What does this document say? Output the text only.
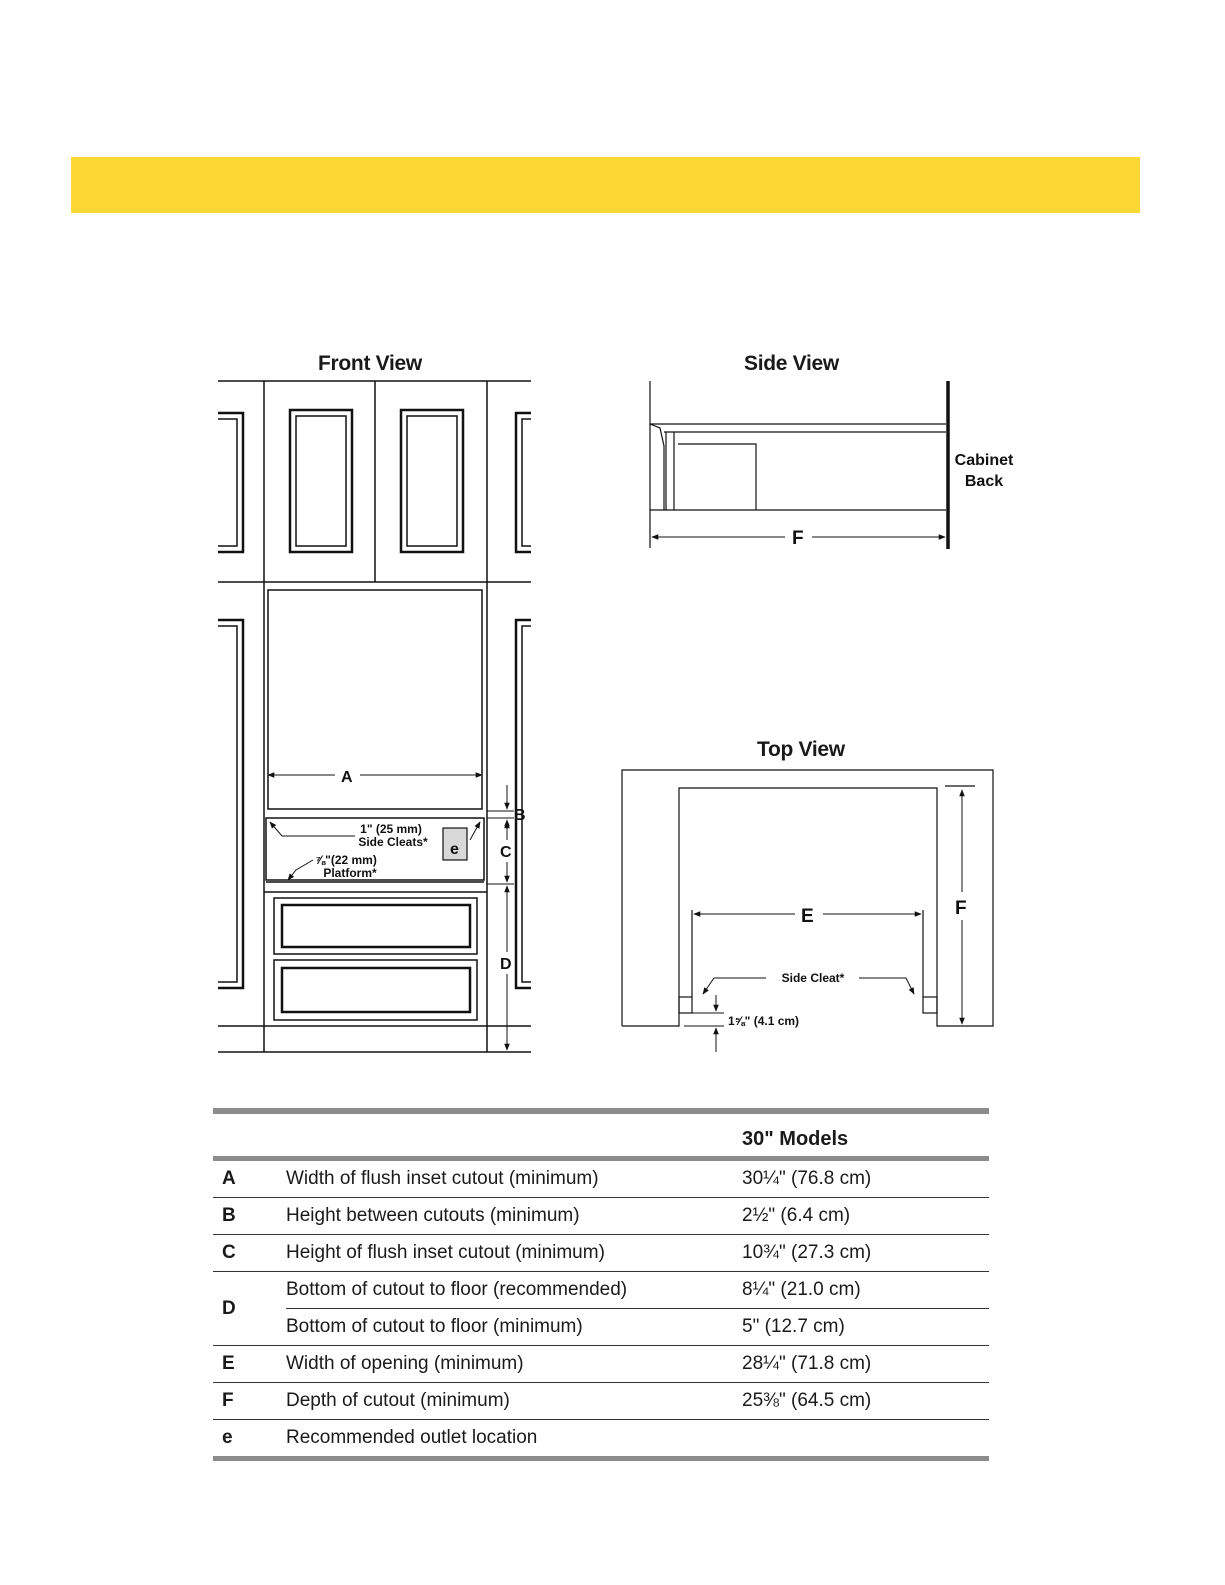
Front View	Side View
Top View
A
B
C
D
e
1" (25 mm)
Side Cleats*
⅞"(22 mm)
Platform*
F
Cabinet
Back
E	F
Side Cleat*
1⅝" (4.1 cm)

		30" Models
A	Width of flush inset cutout (minimum)	30¼" (76.8 cm)
B	Height between cutouts (minimum)	2½" (6.4 cm)
C	Height of flush inset cutout (minimum)	10¾" (27.3 cm)
D	Bottom of cutout to floor (recommended)	8¼" (21.0 cm)
	Bottom of cutout to floor (minimum)	5" (12.7 cm)
E	Width of opening (minimum)	28¼" (71.8 cm)
F	Depth of cutout (minimum)	25⅜" (64.5 cm)
e	Recommended outlet location	
